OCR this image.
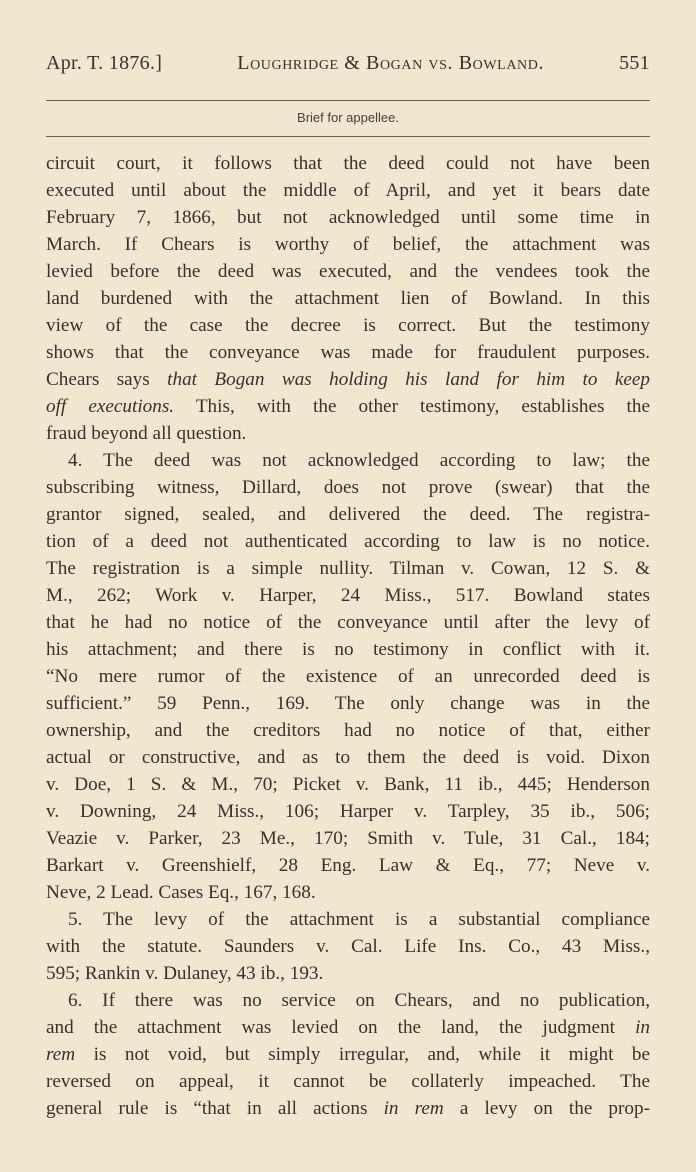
Apr. T. 1876.]	Loughridge & Bogan vs. Bowland.	551
Brief for appellee.
circuit court, it follows that the deed could not have been
executed until about the middle of April, and yet it bears date
February 7, 1866, but not acknowledged until some time in
March. If Chears is worthy of belief, the attachment was
levied before the deed was executed, and the vendees took the
land burdened with the attachment lien of Bowland. In this
view of the case the decree is correct. But the testimony
shows that the conveyance was made for fraudulent purposes.
Chears says that Bogan was holding his land for him to keep
off executions. This, with the other testimony, establishes the
fraud beyond all question.
4. The deed was not acknowledged according to law; the
subscribing witness, Dillard, does not prove (swear) that the
grantor signed, sealed, and delivered the deed. The registra-
tion of a deed not authenticated according to law is no notice.
The registration is a simple nullity. Tilman v. Cowan, 12 S. &
M., 262; Work v. Harper, 24 Miss., 517. Bowland states
that he had no notice of the conveyance until after the levy of
his attachment; and there is no testimony in conflict with it.
“No mere rumor of the existence of an unrecorded deed is
sufficient.” 59 Penn., 169. The only change was in the
ownership, and the creditors had no notice of that, either
actual or constructive, and as to them the deed is void. Dixon
v. Doe, 1 S. & M., 70; Picket v. Bank, 11 ib., 445; Henderson
v. Downing, 24 Miss., 106; Harper v. Tarpley, 35 ib., 506;
Veazie v. Parker, 23 Me., 170; Smith v. Tule, 31 Cal., 184;
Barkart v. Greenshielf, 28 Eng. Law & Eq., 77; Neve v.
Neve, 2 Lead. Cases Eq., 167, 168.
5. The levy of the attachment is a substantial compliance
with the statute. Saunders v. Cal. Life Ins. Co., 43 Miss.,
595; Rankin v. Dulaney, 43 ib., 193.
6. If there was no service on Chears, and no publication,
and the attachment was levied on the land, the judgment in
rem is not void, but simply irregular, and, while it might be
reversed on appeal, it cannot be collaterly impeached. The
general rule is “that in all actions in rem a levy on the prop-
